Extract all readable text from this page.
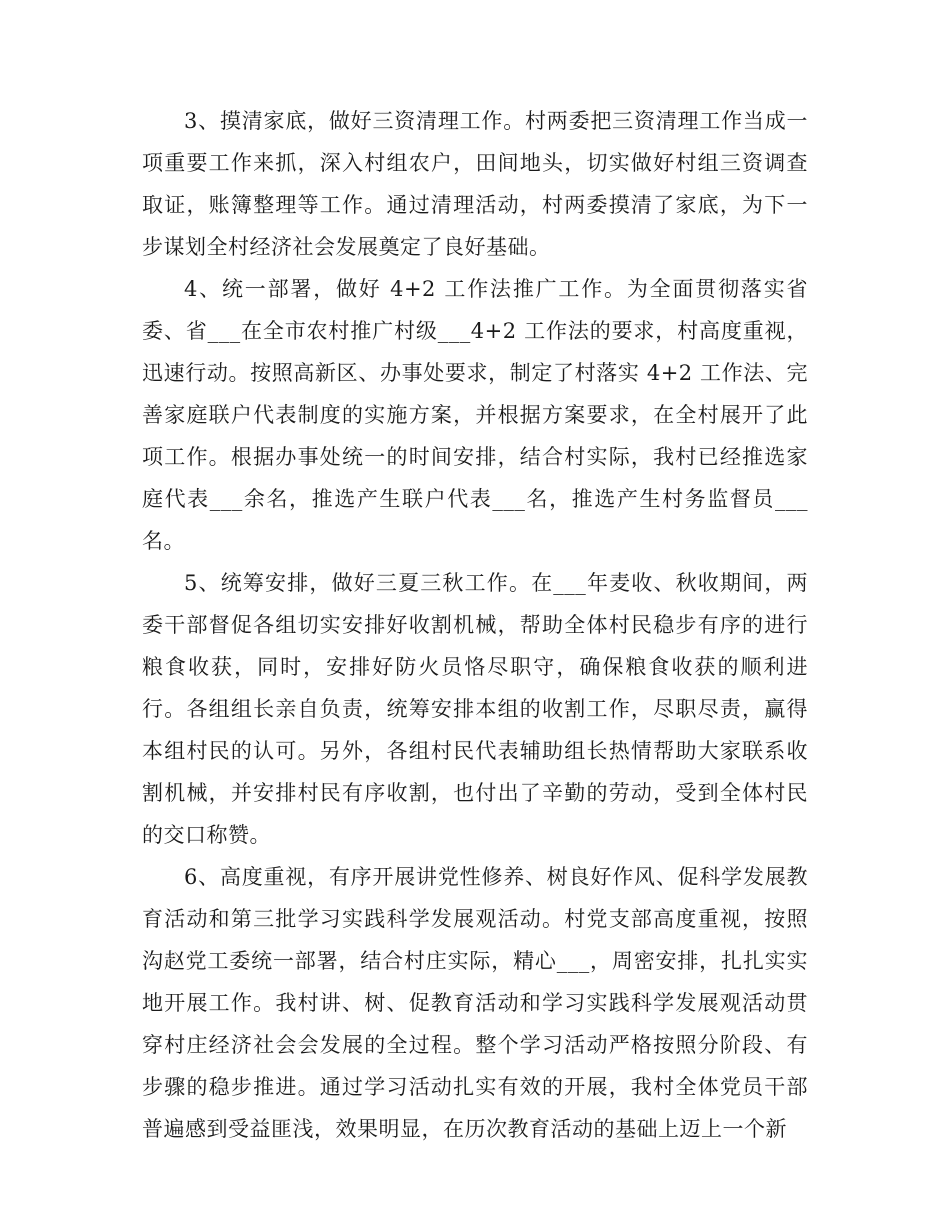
3、摸清家底，做好三资清理工作。村两委把三资清理工作当成一项重要工作来抓，深入村组农户，田间地头，切实做好村组三资调查取证，账簿整理等工作。通过清理活动，村两委摸清了家底，为下一步谋划全村经济社会发展奠定了良好基础。

4、统一部署，做好 4+2 工作法推广工作。为全面贯彻落实省委、省___在全市农村推广村级___4+2 工作法的要求，村高度重视，迅速行动。按照高新区、办事处要求，制定了村落实 4+2 工作法、完善家庭联户代表制度的实施方案，并根据方案要求，在全村展开了此项工作。根据办事处统一的时间安排，结合村实际，我村已经推选家庭代表___余名，推选产生联户代表___名，推选产生村务监督员___名。

5、统筹安排，做好三夏三秋工作。在___年麦收、秋收期间，两委干部督促各组切实安排好收割机械，帮助全体村民稳步有序的进行粮食收获，同时，安排好防火员恪尽职守，确保粮食收获的顺利进行。各组组长亲自负责，统筹安排本组的收割工作，尽职尽责，赢得本组村民的认可。另外，各组村民代表辅助组长热情帮助大家联系收割机械，并安排村民有序收割，也付出了辛勤的劳动，受到全体村民的交口称赞。

6、高度重视，有序开展讲党性修养、树良好作风、促科学发展教育活动和第三批学习实践科学发展观活动。村党支部高度重视，按照沟赵党工委统一部署，结合村庄实际，精心___，周密安排，扎扎实实地开展工作。我村讲、树、促教育活动和学习实践科学发展观活动贯穿村庄经济社会会发展的全过程。整个学习活动严格按照分阶段、有步骤的稳步推进。通过学习活动扎实有效的开展，我村全体党员干部普遍感到受益匪浅，效果明显，在历次教育活动的基础上迈上一个新
